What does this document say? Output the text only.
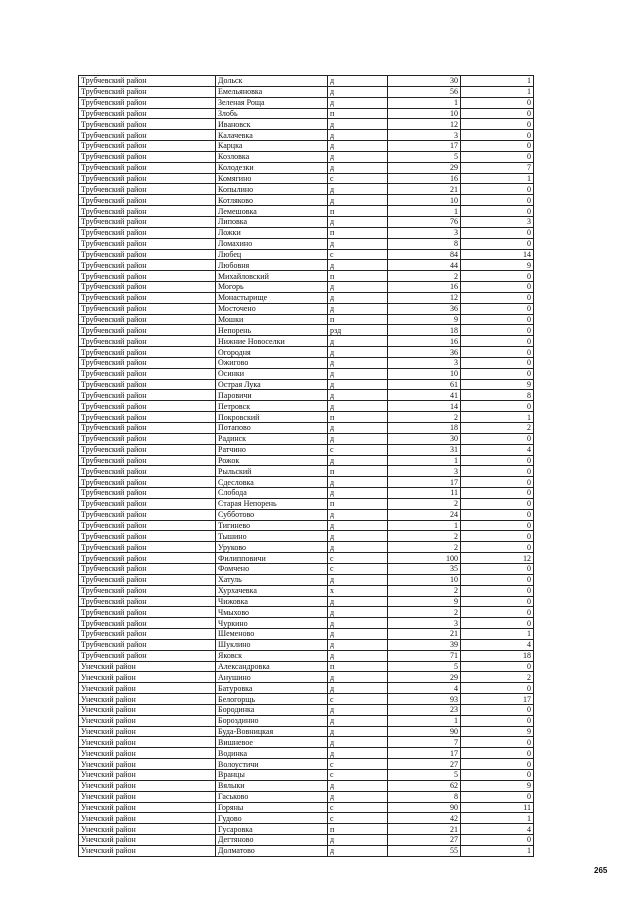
Трубчевский район	Дольск	д	30	1
Трубчевский район	Емельяновка	д	56	1
Трубчевский район	Зеленая Роща	д	1	0
Трубчевский район	Злобь	п	10	0
Трубчевский район	Ивановск	д	12	0
Трубчевский район	Калачевка	д	3	0
Трубчевский район	Карцка	д	17	0
Трубчевский район	Козловка	д	5	0
Трубчевский район	Колодезки	д	29	7
Трубчевский район	Комягино	с	16	1
Трубчевский район	Копылино	д	21	0
Трубчевский район	Котляково	д	10	0
Трубчевский район	Лемешовка	п	1	0
Трубчевский район	Липовка	д	76	3
Трубчевский район	Ложки	п	3	0
Трубчевский район	Ломахино	д	8	0
Трубчевский район	Любец	с	84	14
Трубчевский район	Любовня	д	44	9
Трубчевский район	Михайловский	п	2	0
Трубчевский район	Могорь	д	16	0
Трубчевский район	Монастырище	д	12	0
Трубчевский район	Мосточено	д	36	0
Трубчевский район	Мошки	п	9	0
Трубчевский район	Непорень	рзд	18	0
Трубчевский район	Нижние Новоселки	д	16	0
Трубчевский район	Огородня	д	36	0
Трубчевский район	Ожигово	д	3	0
Трубчевский район	Осинки	д	10	0
Трубчевский район	Острая Лука	д	61	9
Трубчевский район	Паровичи	д	41	8
Трубчевский район	Петровск	д	14	0
Трубчевский район	Покровский	п	2	1
Трубчевский район	Потапово	д	18	2
Трубчевский район	Радинск	д	30	0
Трубчевский район	Ратчино	с	31	4
Трубчевский район	Рожок	д	1	0
Трубчевский район	Рыльский	п	3	0
Трубчевский район	Сдесловка	д	17	0
Трубчевский район	Слобода	д	11	0
Трубчевский район	Старая Непорень	п	2	0
Трубчевский район	Субботово	д	24	0
Трубчевский район	Тигинево	д	1	0
Трубчевский район	Тышино	д	2	0
Трубчевский район	Уруково	д	2	0
Трубчевский район	Филипповичи	с	100	12
Трубчевский район	Фомчено	с	35	0
Трубчевский район	Хатуль	д	10	0
Трубчевский район	Хурхачевка	х	2	0
Трубчевский район	Чижовка	д	9	0
Трубчевский район	Чмыхово	д	2	0
Трубчевский район	Чуркино	д	3	0
Трубчевский район	Шеменово	д	21	1
Трубчевский район	Шуклино	д	39	4
Трубчевский район	Яковск	д	71	18
Унечский район	Александровка	п	5	0
Унечский район	Анушино	д	29	2
Унечский район	Батуровка	д	4	0
Унечский район	Белогорщь	с	93	17
Унечский район	Бородинка	д	23	0
Унечский район	Бороздинно	д	1	0
Унечский район	Буда-Вовницкая	д	90	9
Унечский район	Вишневое	д	7	0
Унечский район	Водинка	д	17	0
Унечский район	Волоустичи	с	27	0
Унечский район	Вранцы	с	5	0
Унечский район	Вялыки	д	62	9
Унечский район	Гаськово	д	8	0
Унечский район	Горяны	с	90	11
Унечский район	Гудово	с	42	1
Унечский район	Гусаровка	п	21	4
Унечский район	Дегтяново	д	27	0
Унечский район	Долматово	д	55	1
265
